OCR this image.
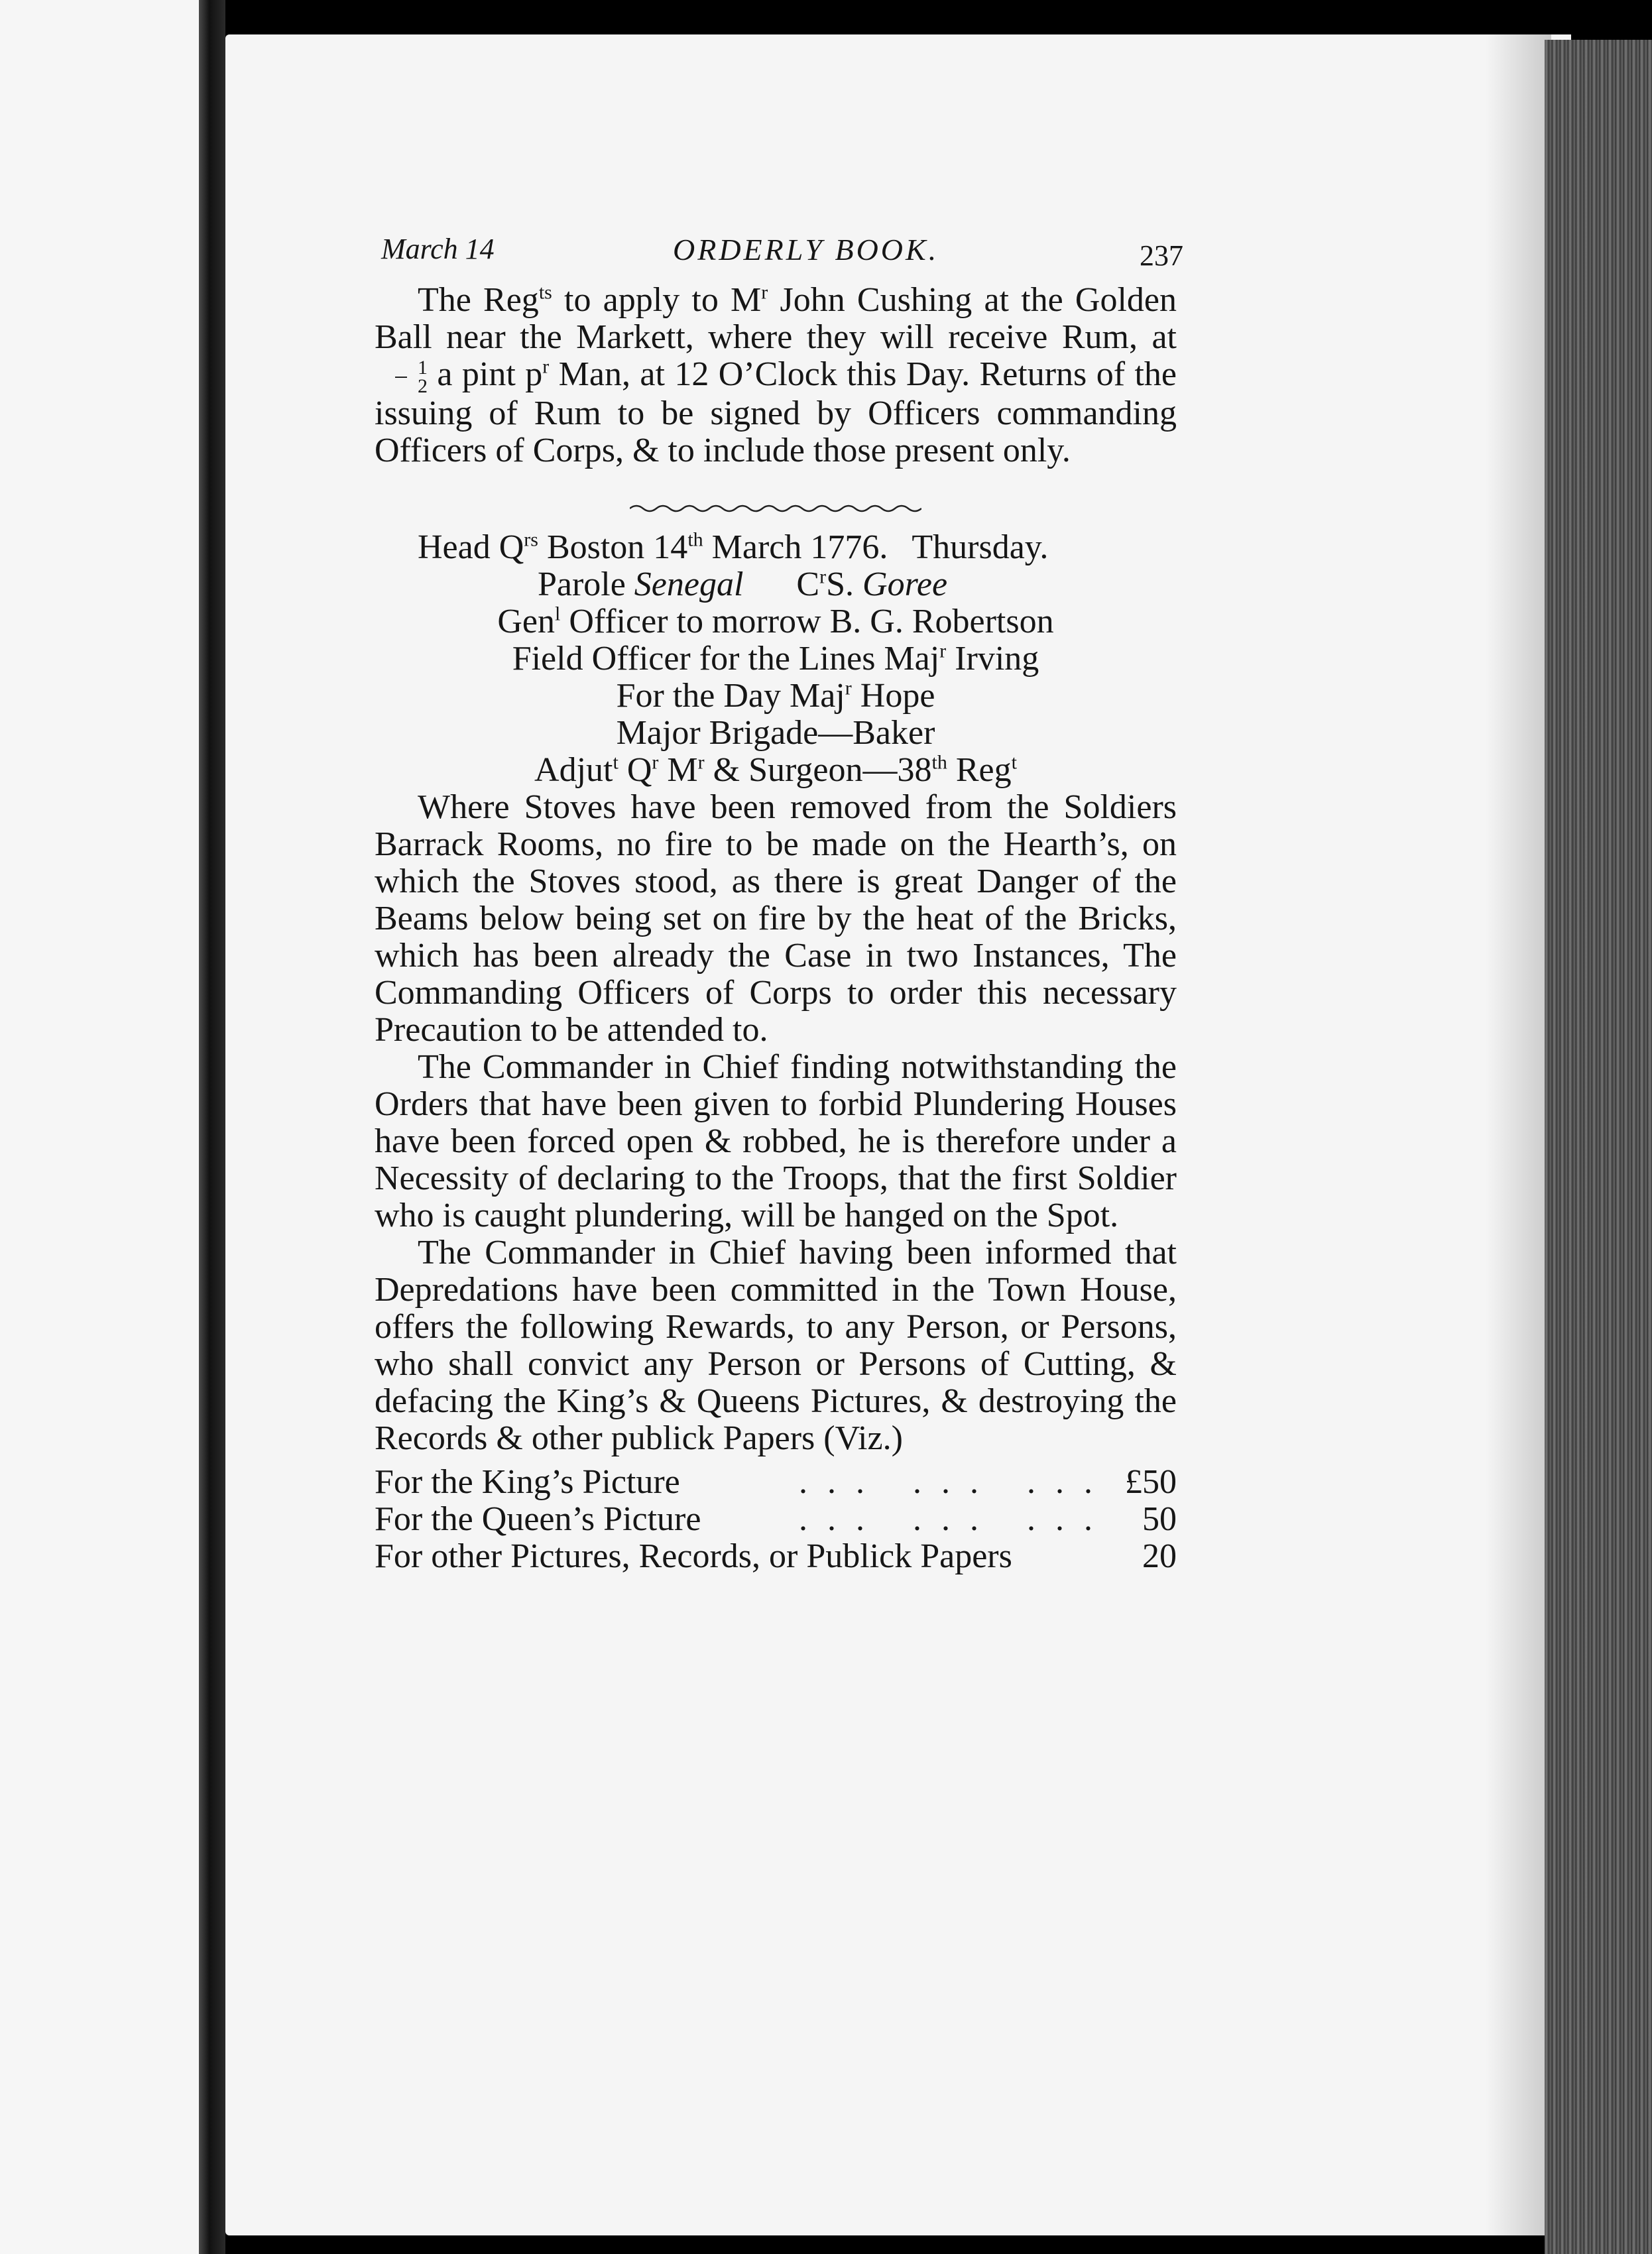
March 14	ORDERLY BOOK.	237

The Reg$^{ts}$ to apply to $M^r$ John Cushing at the Golden Ball near the Markett, where they will receive Rum, at
$\frac{1}{2}$ a pint $p^r$ Man, at 12 O’Clock this Day. Returns of the issuing of Rum to be signed by Officers commanding Officers of Corps, & to include those present only.

Head $Q^{rs}$ Boston 14th March 1776. Thursday.

Parole Senegal $C^rS$. Goree

Gen$^l$ Officer to morrow B. G. Robertson

Field Officer for the Lines Maj$^r$ Irving

For the Day Maj$^r$ Hope

Major Brigade—Baker

Adjut$^t$ $Q^r$ $M^r$ & Surgeon—38th Reg$^t$

Where Stoves have been removed from the Soldiers Barrack Rooms, no fire to be made on the Hearth’s, on which the Stoves stood, as there is great Danger of the Beams below being set on fire by the heat of the Bricks, which has been already the Case in two Instances, The Commanding Officers of Corps to order this necessary Precaution to be attended to.

The Commander in Chief finding notwithstanding the Orders that have been given to forbid Plundering Houses have been forced open & robbed, he is therefore under a Necessity of declaring to the Troops, that the first Soldier who is caught plundering, will be hanged on the Spot.

The Commander in Chief having been informed that Depredations have been committed in the Town House, offers the following Rewards, to any Person, or Persons, who shall convict any Person or Persons of Cutting, & defacing the King’s & Queens Pictures, & destroying the Records & other publick Papers (Viz.)

For the King’s Picture	... ... ... £50
For the Queen’s Picture	... ... ... 50
For other Pictures, Records, or Publick Papers	20
